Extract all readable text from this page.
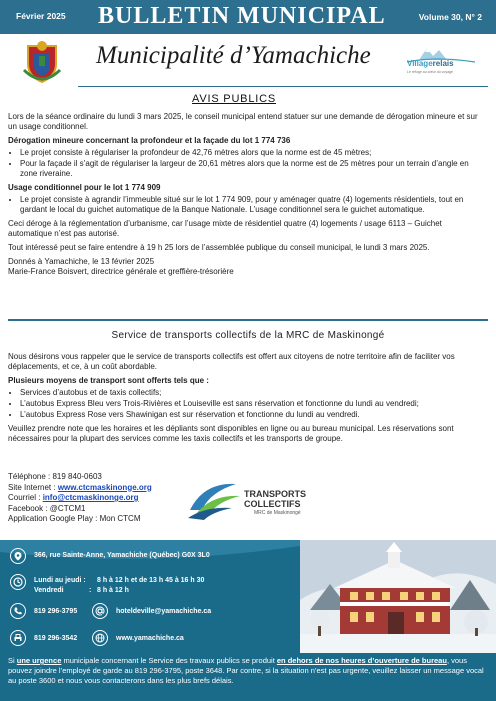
Février 2025 BULLETIN MUNICIPAL	Volume 30, N° 2
Municipalité d’Yamachiche	Villagerelais
Le refuge au cœur du voyage
AVIS PUBLICS

Lors de la séance ordinaire du lundi 3 mars 2025, le conseil municipal entend statuer sur une demande de dérogation mineure et sur un usage conditionnel.

Dérogation mineure concernant la profondeur et la façade du lot 1 774 736

• Le projet consiste à régulariser la profondeur de 42,76 mètres alors que la norme est de 45 mètres;
• Pour la façade il s’agit de régulariser la largeur de 20,61 mètres alors que la norme est de 25 mètres pour un terrain d’angle en zone riveraine.

Usage conditionnel pour le lot 1 774 909

• Le projet consiste à agrandir l’immeuble situé sur le lot 1 774 909, pour y aménager quatre (4) logements résidentiels, tout en gardant le local du guichet automatique de la Banque Nationale. L’usage conditionnel sera le guichet automatique.

Ceci déroge à la réglementation d’urbanisme, car l’usage mixte de résidentiel quatre (4) logements / usage 6113 – Guichet automatique n’est pas autorisé.

Tout intéressé peut se faire entendre à 19 h 25 lors de l’assemblée publique du conseil municipal, le lundi 3 mars 2025.

Donnés à Yamachiche, le 13 février 2025
Marie-France Boisvert, directrice générale et greffière-trésorière
Service de transports collectifs de la MRC de Maskinongé

Nous désirons vous rappeler que le service de transports collectifs est offert aux citoyens de notre territoire afin de faciliter vos déplacements, et ce, à un coût abordable.

Plusieurs moyens de transport sont offerts tels que :

• Services d’autobus et de taxis collectifs;
• L’autobus Express Bleu vers Trois-Rivières et Louiseville est sans réservation et fonctionne du lundi au vendredi;
• L’autobus Express Rose vers Shawinigan est sur réservation et fonctionne du lundi au vendredi.

Veuillez prendre note que les horaires et les dépliants sont disponibles en ligne ou au bureau municipal. Les réservations sont nécessaires pour la plupart des services comme les taxis collectifs et les transports de groupe.

Téléphone : 819 840-0603
Site Internet : www.ctcmaskinonge.org
Courriel : info@ctcmaskinonge.org
Facebook : @CTCM1
Application Google Play : Mon CTCM
TRANSPORTS
COLLECTIFS
MRC de Maskinongé
366, rue Sainte-Anne, Yamachiche (Québec) G0X 3L0
Lundi au jeudi : 8 h à 12 h et de 13 h 45 à 16 h 30
Vendredi	: 8 h à 12 h
819 296-3795	hoteldeville@yamachiche.ca
819 296-3542	www.yamachiche.ca
Si une urgence municipale concernant le Service des travaux publics se produit en dehors de nos heures d’ouverture de bureau, vous pouvez joindre l’employé de garde au 819 296-3795, poste 3648. Par contre, si la situation n’est pas urgente, veuillez laisser un message vocal au poste 3600 et nous vous contacterons dans les plus brefs délais.
